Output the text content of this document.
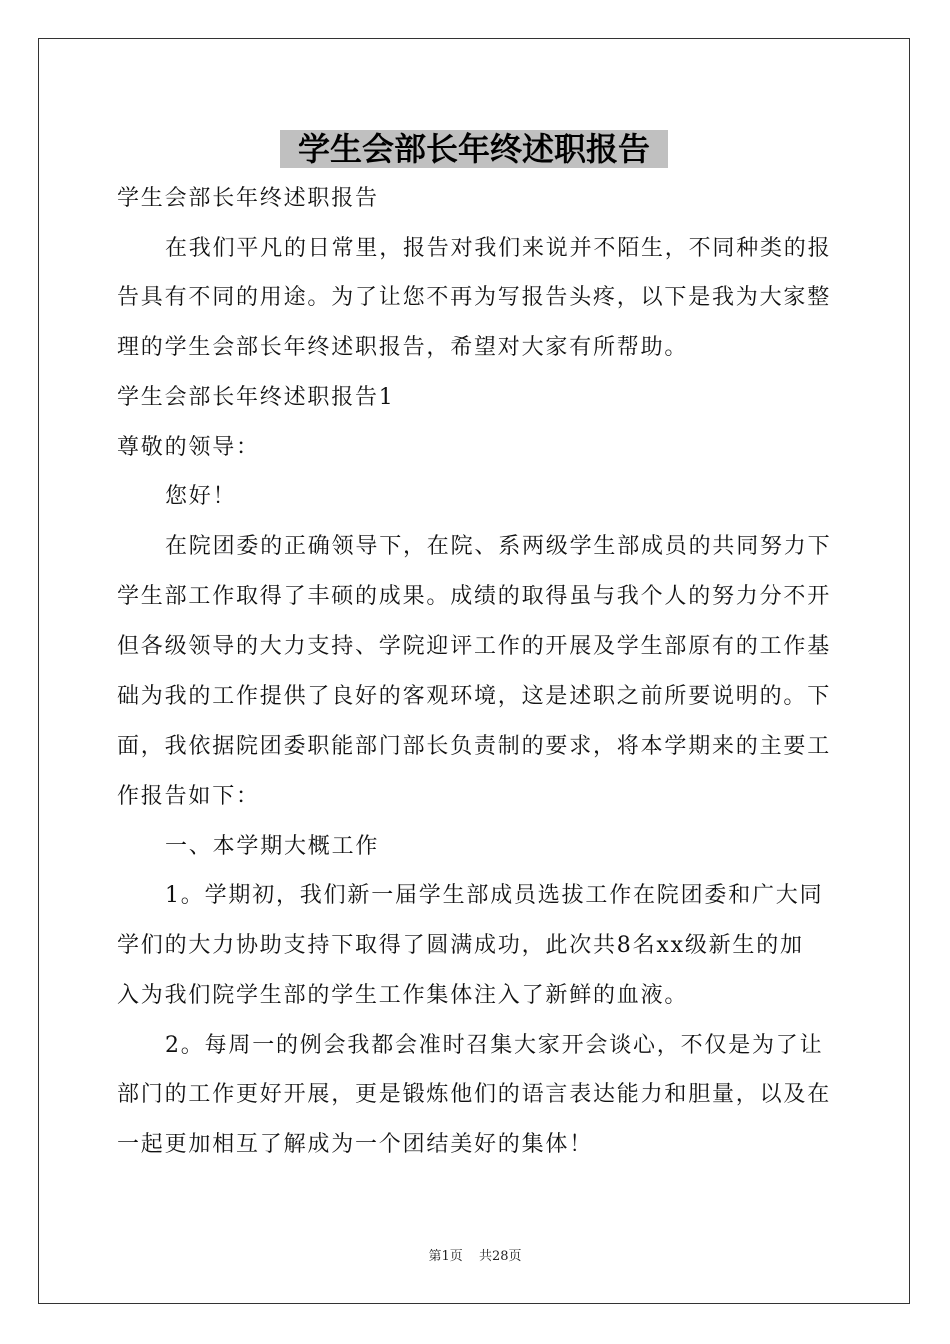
学生会部长年终述职报告
学生会部长年终述职报告
在我们平凡的日常里，报告对我们来说并不陌生，不同种类的报
告具有不同的用途。为了让您不再为写报告头疼，以下是我为大家整
理的学生会部长年终述职报告，希望对大家有所帮助。
学生会部长年终述职报告1
尊敬的领导：
您好！
在院团委的正确领导下，在院、系两级学生部成员的共同努力下
学生部工作取得了丰硕的成果。成绩的取得虽与我个人的努力分不开
但各级领导的大力支持、学院迎评工作的开展及学生部原有的工作基
础为我的工作提供了良好的客观环境，这是述职之前所要说明的。下
面，我依据院团委职能部门部长负责制的要求，将本学期来的主要工
作报告如下：
一、本学期大概工作
1。学期初，我们新一届学生部成员选拔工作在院团委和广大同
学们的大力协助支持下取得了圆满成功，此次共8名xx级新生的加
入为我们院学生部的学生工作集体注入了新鲜的血液。
2。每周一的例会我都会准时召集大家开会谈心，不仅是为了让
部门的工作更好开展，更是锻炼他们的语言表达能力和胆量，以及在
一起更加相互了解成为一个团结美好的集体！
第1页 共28页
